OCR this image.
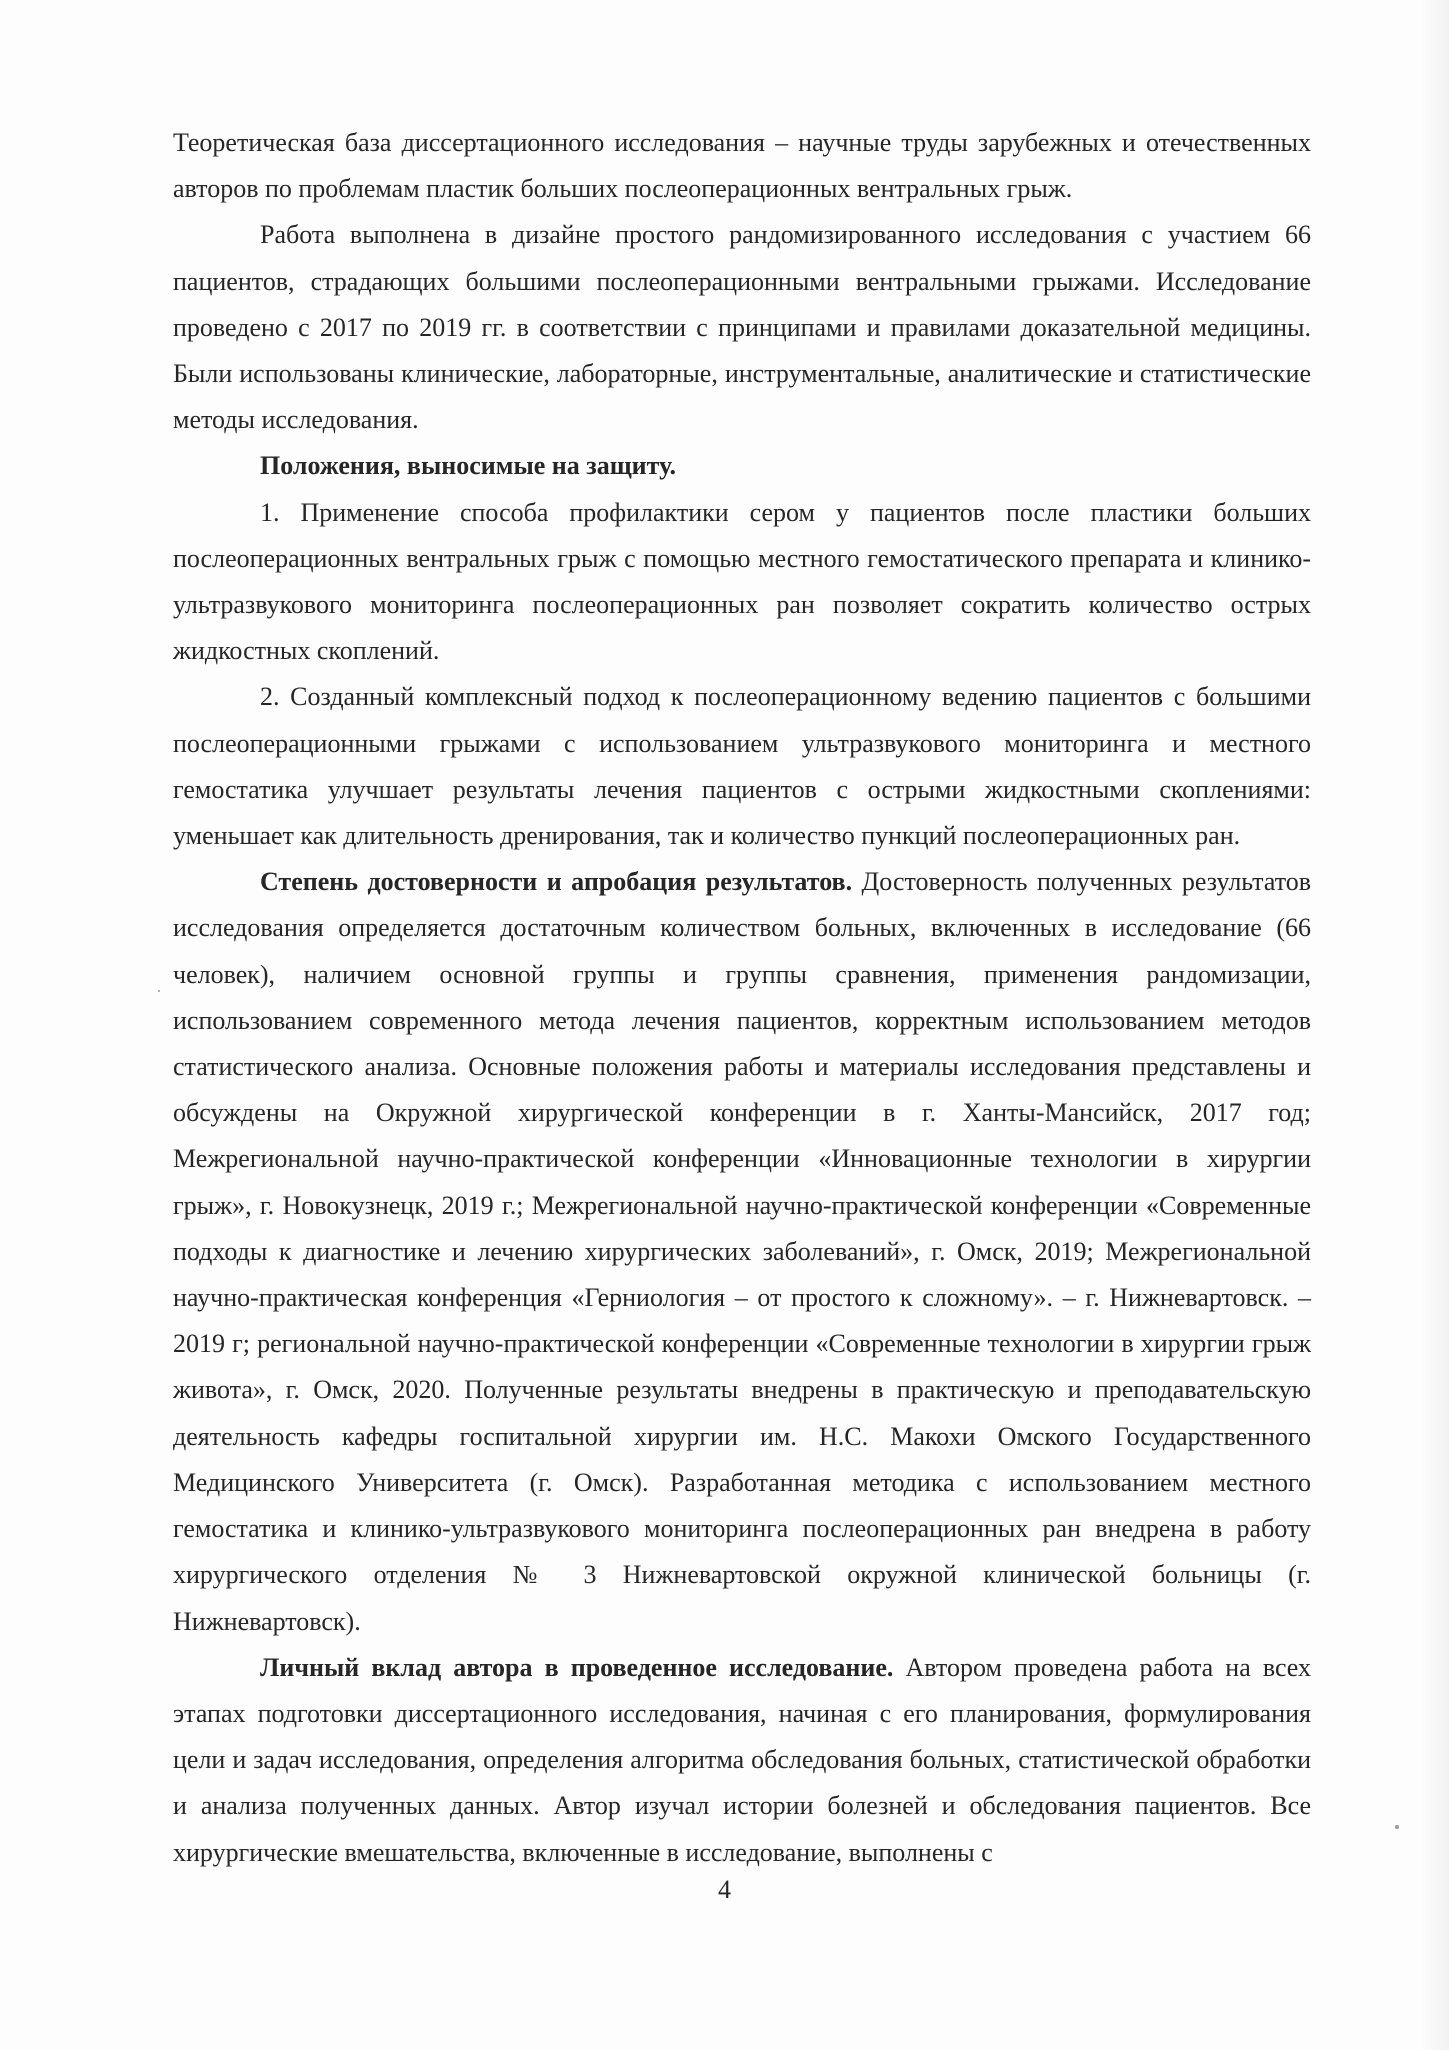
Теоретическая база диссертационного исследования – научные труды зарубежных и отечественных авторов по проблемам пластик больших послеоперационных вентральных грыж.

Работа выполнена в дизайне простого рандомизированного исследования с участием 66 пациентов, страдающих большими послеоперационными вентральными грыжами. Исследование проведено с 2017 по 2019 гг. в соответствии с принципами и правилами доказательной медицины. Были использованы клинические, лабораторные, инструментальные, аналитические и статистические методы исследования.

Положения, выносимые на защиту.

1. Применение способа профилактики сером у пациентов после пластики больших послеоперационных вентральных грыж с помощью местного гемостатического препарата и клинико-ультразвукового мониторинга послеоперационных ран позволяет сократить количество острых жидкостных скоплений.

2. Созданный комплексный подход к послеоперационному ведению пациентов с большими послеоперационными грыжами с использованием ультразвукового мониторинга и местного гемостатика улучшает результаты лечения пациентов с острыми жидкостными скоплениями: уменьшает как длительность дренирования, так и количество пункций послеоперационных ран.

Степень достоверности и апробация результатов. Достоверность полученных результатов исследования определяется достаточным количеством больных, включенных в исследование (66 человек), наличием основной группы и группы сравнения, применения рандомизации, использованием современного метода лечения пациентов, корректным использованием методов статистического анализа. Основные положения работы и материалы исследования представлены и обсуждены на Окружной хирургической конференции в г. Ханты-Мансийск, 2017 год; Межрегиональной научно-практической конференции «Инновационные технологии в хирургии грыж», г. Новокузнецк, 2019 г.; Межрегиональной научно-практической конференции «Современные подходы к диагностике и лечению хирургических заболеваний», г. Омск, 2019; Межрегиональной научно-практическая конференция «Герниология – от простого к сложному». – г. Нижневартовск. – 2019 г; региональной научно-практической конференции «Современные технологии в хирургии грыж живота», г. Омск, 2020. Полученные результаты внедрены в практическую и преподавательскую деятельность кафедры госпитальной хирургии им. Н.С. Макохи Омского Государственного Медицинского Университета (г. Омск). Разработанная методика с использованием местного гемостатика и клинико-ультразвукового мониторинга послеоперационных ран внедрена в работу хирургического отделения № 3 Нижневартовской окружной клинической больницы (г. Нижневартовск).

Личный вклад автора в проведенное исследование. Автором проведена работа на всех этапах подготовки диссертационного исследования, начиная с его планирования, формулирования цели и задач исследования, определения алгоритма обследования больных, статистической обработки и анализа полученных данных. Автор изучал истории болезней и обследования пациентов. Все хирургические вмешательства, включенные в исследование, выполнены с

4
